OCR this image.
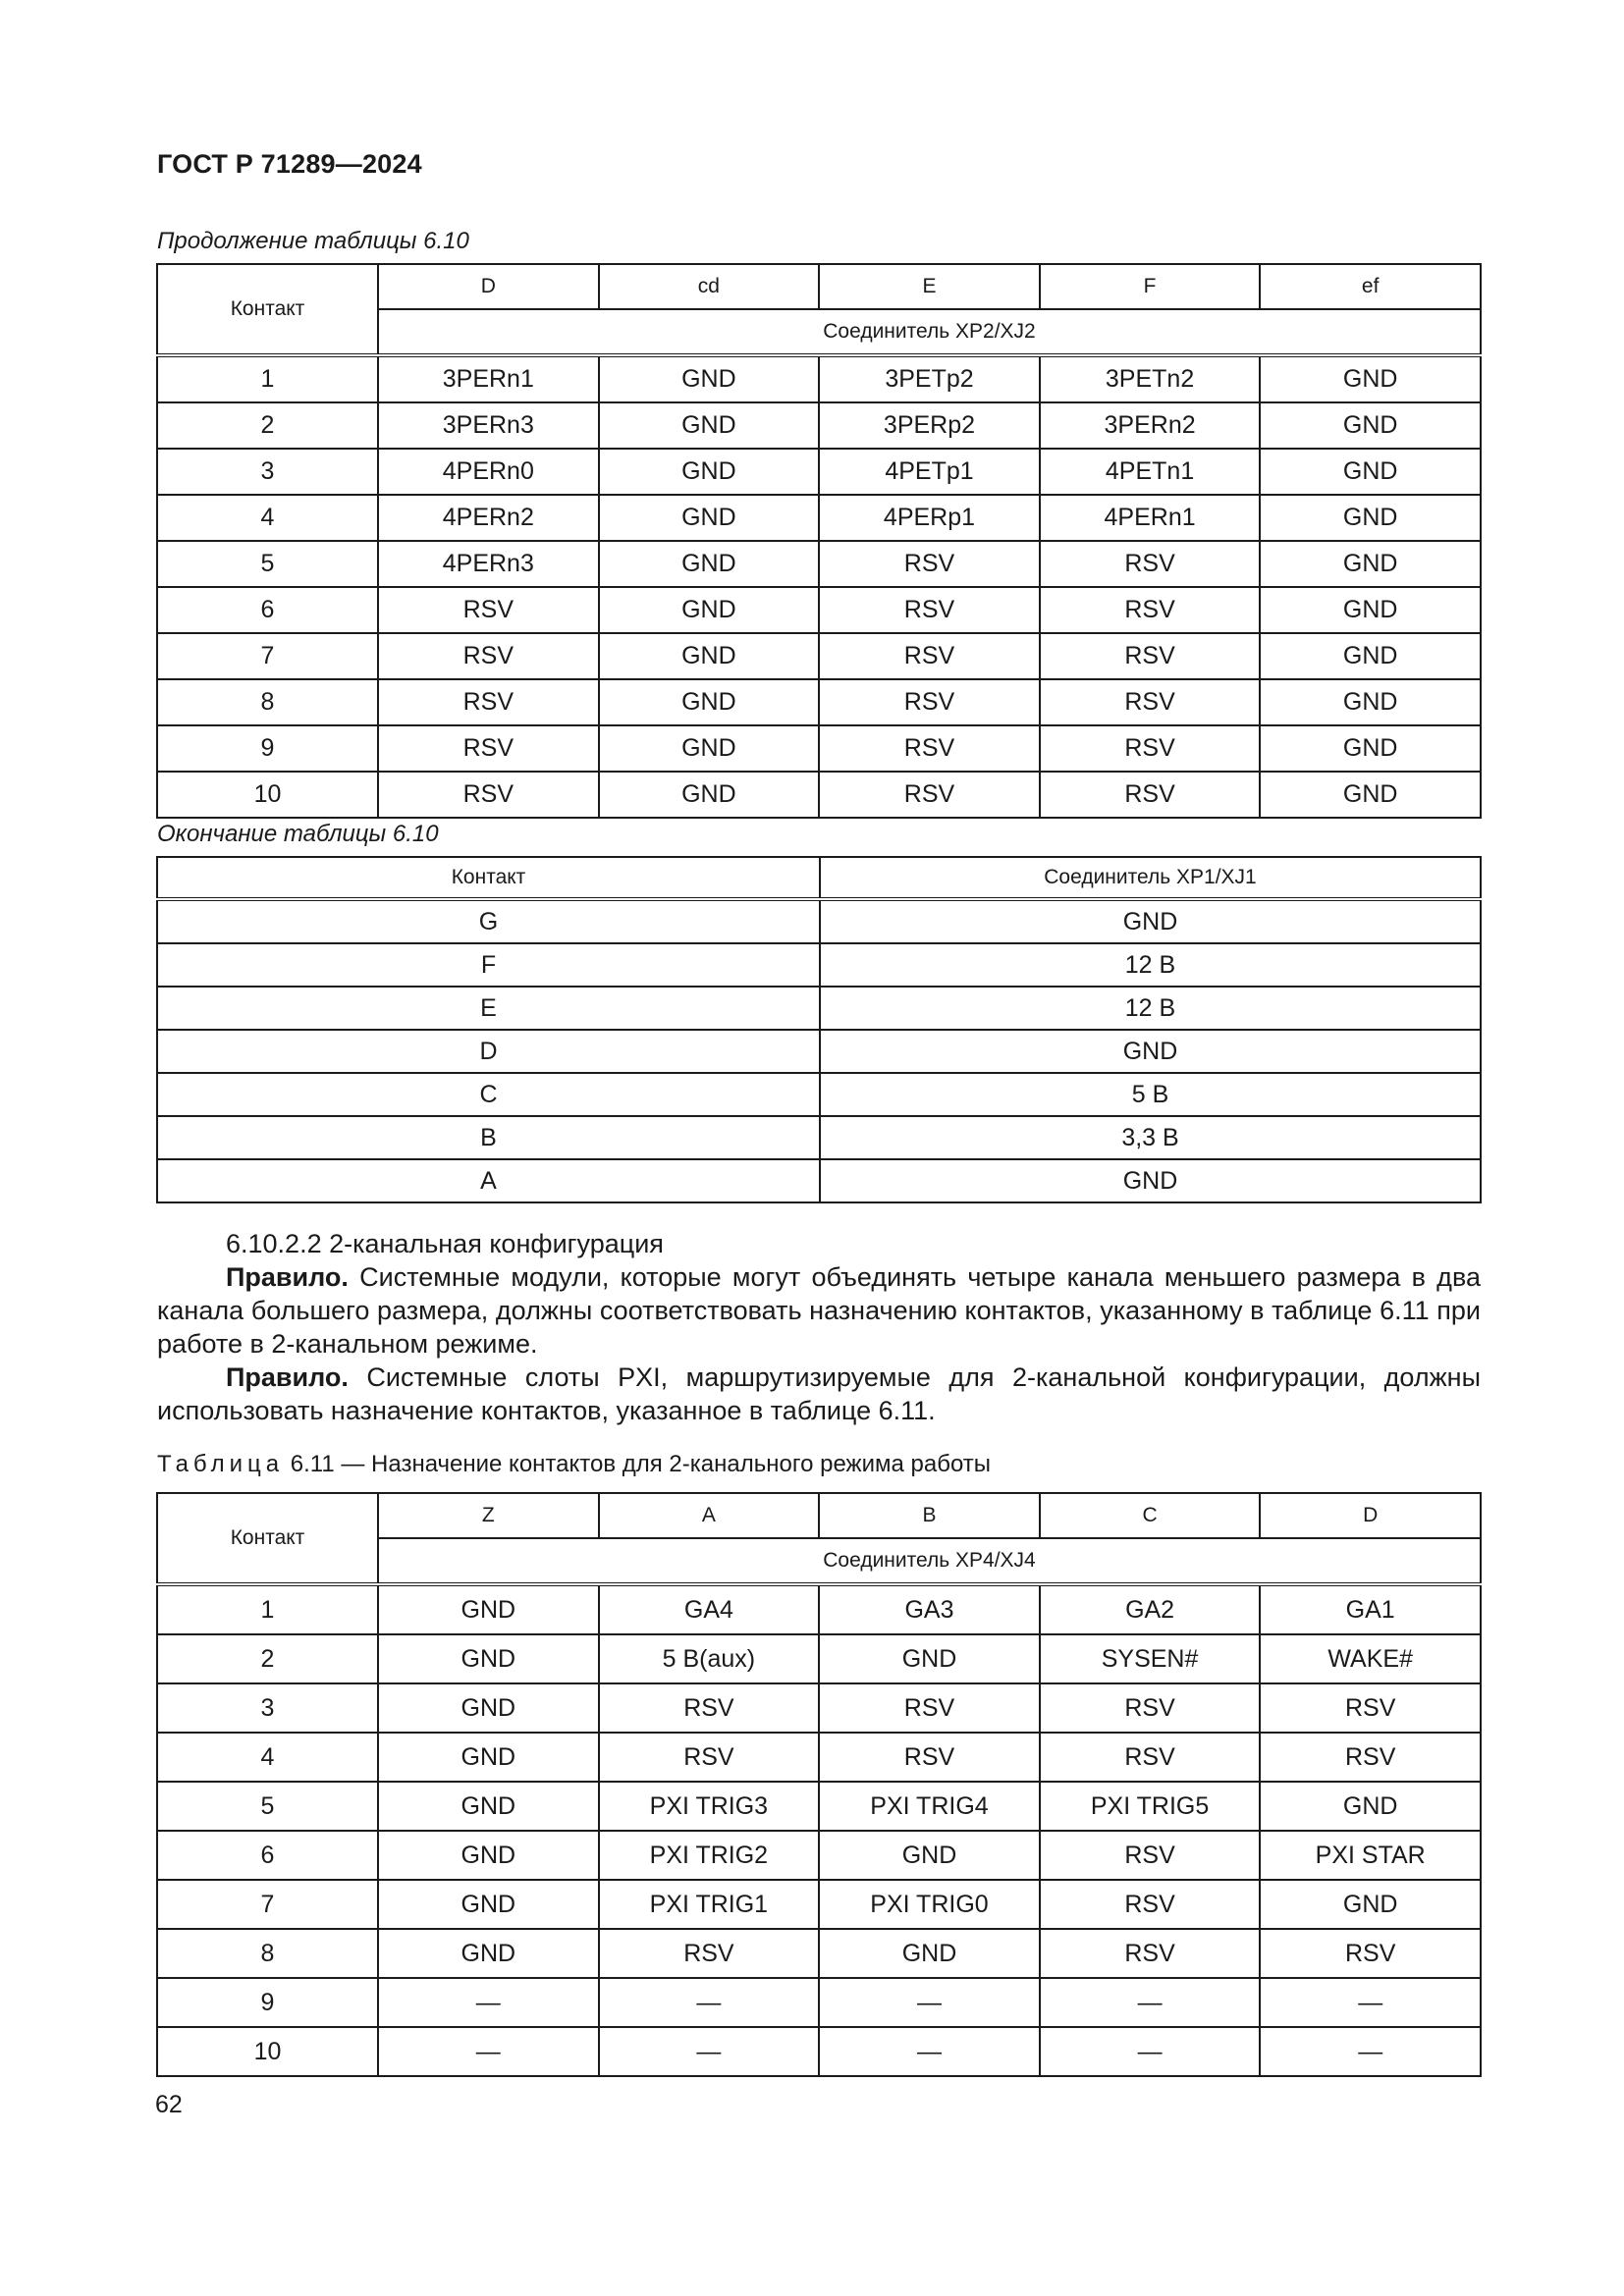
ГОСТ Р 71289—2024
Продолжение таблицы 6.10
Контакт	D	cd	E	F	ef
	Соединитель XP2/XJ2				
1	3PERn1	GND	3PETp2	3PETn2	GND
2	3PERn3	GND	3PERp2	3PERn2	GND
3	4PERn0	GND	4PETp1	4PETn1	GND
4	4PERn2	GND	4PERp1	4PERn1	GND
5	4PERn3	GND	RSV	RSV	GND
6	RSV	GND	RSV	RSV	GND
7	RSV	GND	RSV	RSV	GND
8	RSV	GND	RSV	RSV	GND
9	RSV	GND	RSV	RSV	GND
10	RSV	GND	RSV	RSV	GND
Окончание таблицы 6.10
Контакт	Соединитель XP1/XJ1
G	GND
F	12 В
E	12 В
D	GND
C	5 В
B	3,3 В
A	GND
6.10.2.2 2-канальная конфигурация
Правило. Системные модули, которые могут объединять четыре канала меньшего размера в два канала большего размера, должны соответствовать назначению контактов, указанному в таблице 6.11 при работе в 2-канальном режиме.
Правило. Системные слоты PXI, маршрутизируемые для 2-канальной конфигурации, должны использовать назначение контактов, указанное в таблице 6.11.
Таблица 6.11 — Назначение контактов для 2-канального режима работы
Контакт	Z	A	B	C	D
	Соединитель XP4/XJ4				
1	GND	GA4	GA3	GA2	GA1
2	GND	5 В(aux)	GND	SYSEN#	WAKE#
3	GND	RSV	RSV	RSV	RSV
4	GND	RSV	RSV	RSV	RSV
5	GND	PXI TRIG3	PXI TRIG4	PXI TRIG5	GND
6	GND	PXI TRIG2	GND	RSV	PXI STAR
7	GND	PXI TRIG1	PXI TRIG0	RSV	GND
8	GND	RSV	GND	RSV	RSV
9	—	—	—	—	—
10	—	—	—	—	—
62
